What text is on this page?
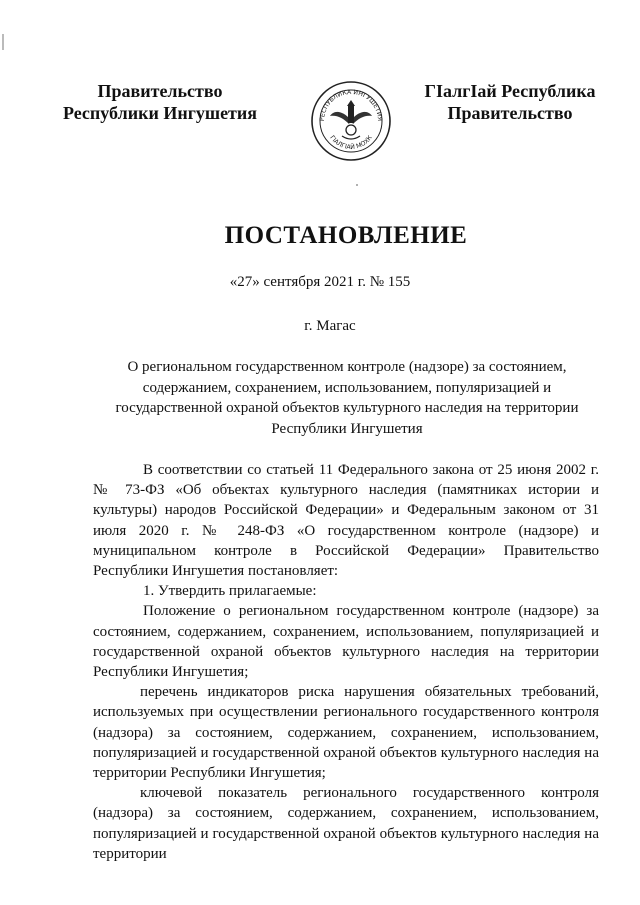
Правительство
Республики Ингушетия	РЕСПУБЛИКА ИНГУШЕТИЯ
ГIАЛГIАЙ МОХК
ГIалгIай Республика
Правительство
ПОСТАНОВЛЕНИЕ
«27» сентября 2021 г. № 155
г. Магас
О региональном государственном контроле (надзоре) за состоянием, содержанием, сохранением, использованием, популяризацией и государственной охраной объектов культурного наследия на территории Республики Ингушетия

В соответствии со статьей 11 Федерального закона от 25 июня 2002 г. № 73-ФЗ «Об объектах культурного наследия (памятниках истории и культуры) народов Российской Федерации» и Федеральным законом от 31 июля 2020 г. № 248-ФЗ «О государственном контроле (надзоре) и муниципальном контроле в Российской Федерации» Правительство Республики Ингушетия постановляет:

1. Утвердить прилагаемые:

Положение о региональном государственном контроле (надзоре) за состоянием, содержанием, сохранением, использованием, популяризацией и государственной охраной объектов культурного наследия на территории Республики Ингушетия;

перечень индикаторов риска нарушения обязательных требований, используемых при осуществлении регионального государственного контроля (надзора) за состоянием, содержанием, сохранением, использованием, популяризацией и государственной охраной объектов культурного наследия на территории Республики Ингушетия;

ключевой показатель регионального государственного контроля (надзора) за состоянием, содержанием, сохранением, использованием, популяризацией и государственной охраной объектов культурного наследия на территории
